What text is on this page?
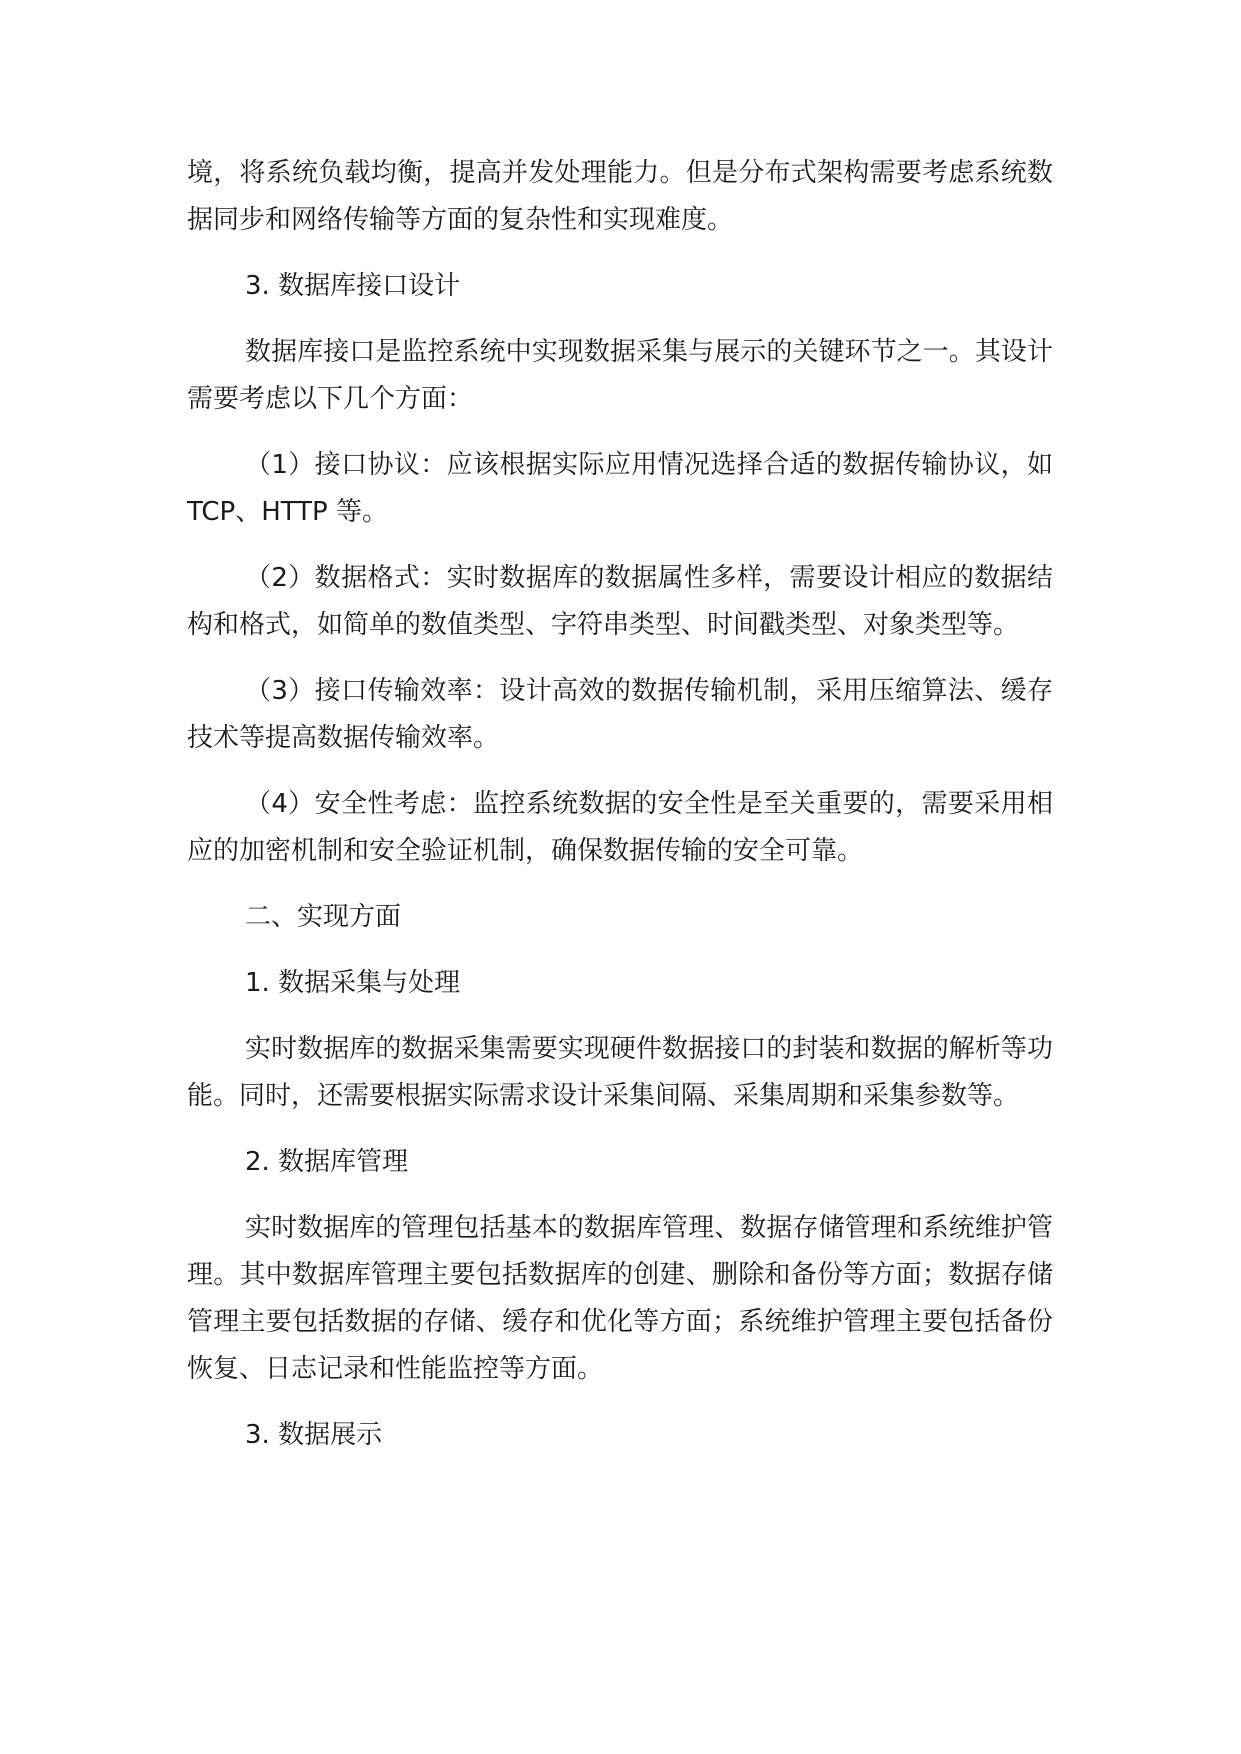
境，将系统负载均衡，提高并发处理能力。但是分布式架构需要考虑系统数据同步和网络传输等方面的复杂性和实现难度。

3. 数据库接口设计

数据库接口是监控系统中实现数据采集与展示的关键环节之一。其设计需要考虑以下几个方面：

（1）接口协议：应该根据实际应用情况选择合适的数据传输协议，如 TCP、HTTP 等。

（2）数据格式：实时数据库的数据属性多样，需要设计相应的数据结构和格式，如简单的数值类型、字符串类型、时间戳类型、对象类型等。

（3）接口传输效率：设计高效的数据传输机制，采用压缩算法、缓存技术等提高数据传输效率。

（4）安全性考虑：监控系统数据的安全性是至关重要的，需要采用相应的加密机制和安全验证机制，确保数据传输的安全可靠。

二、实现方面

1. 数据采集与处理

实时数据库的数据采集需要实现硬件数据接口的封装和数据的解析等功能。同时，还需要根据实际需求设计采集间隔、采集周期和采集参数等。

2. 数据库管理

实时数据库的管理包括基本的数据库管理、数据存储管理和系统维护管理。其中数据库管理主要包括数据库的创建、删除和备份等方面；数据存储管理主要包括数据的存储、缓存和优化等方面；系统维护管理主要包括备份恢复、日志记录和性能监控等方面。

3. 数据展示
